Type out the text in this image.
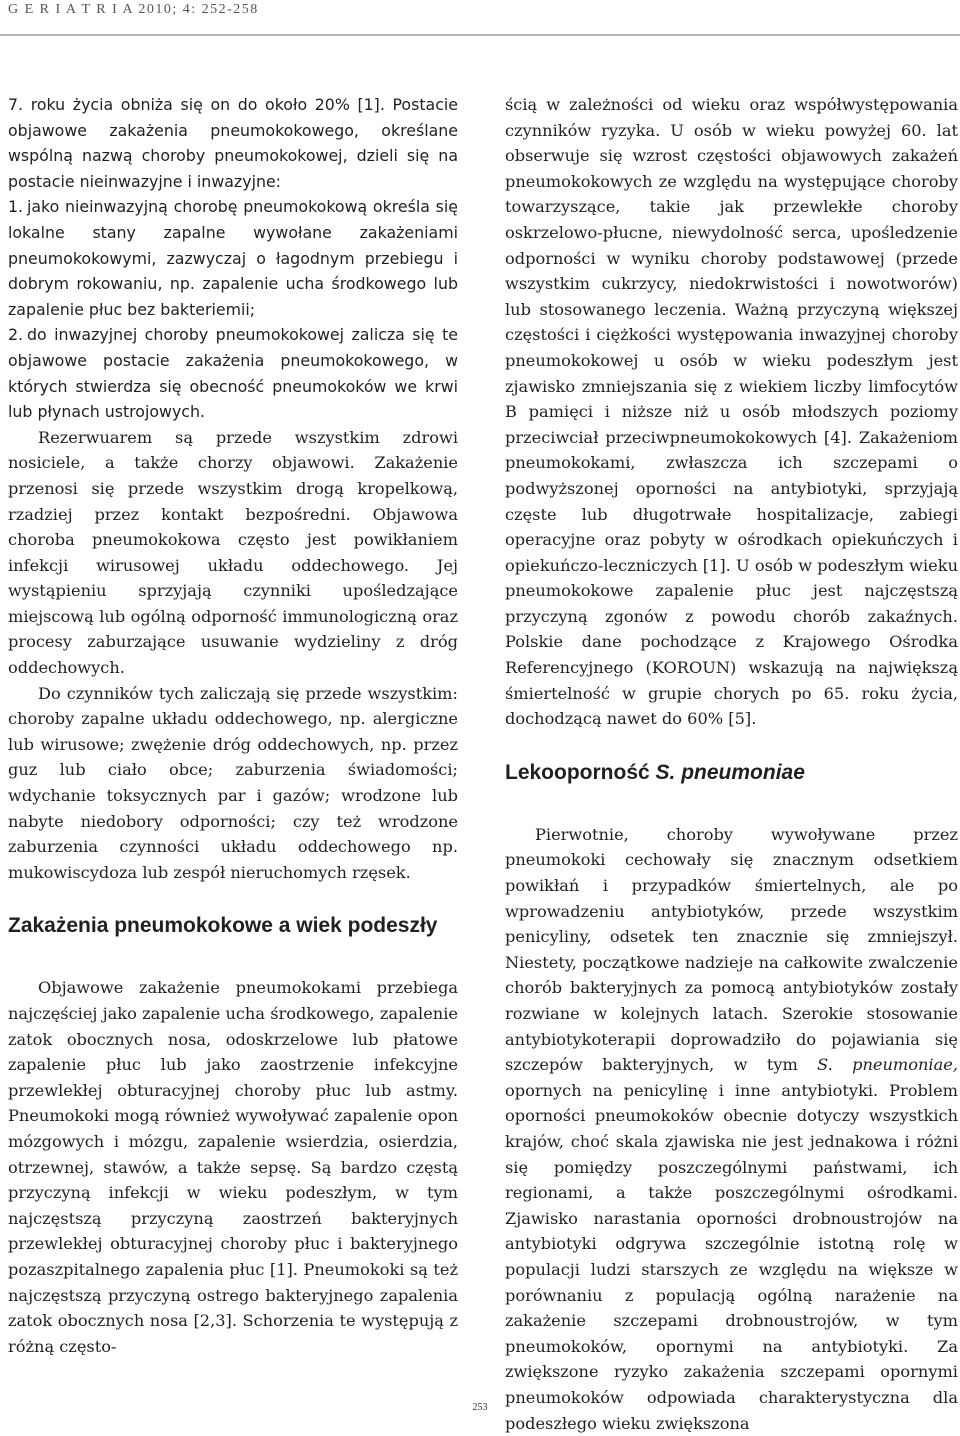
G E R I A T R I A 2010; 4: 252-258

7. roku życia obniża się on do około 20% [1]. Postacie objawowe zakażenia pneumokokowego, określane wspólną nazwą choroby pneumokokowej, dzieli się na postacie nieinwazyjne i inwazyjne:

1. jako nieinwazyjną chorobę pneumokokową określa się lokalne stany zapalne wywołane zakażeniami pneumokokowymi, zazwyczaj o łagodnym przebiegu i dobrym rokowaniu, np. zapalenie ucha środkowego lub zapalenie płuc bez bakteriemii;
2. do inwazyjnej choroby pneumokokowej zalicza się te objawowe postacie zakażenia pneumokokowego, w których stwierdza się obecność pneumokoków we krwi lub płynach ustrojowych.

Rezerwuarem są przede wszystkim zdrowi nosiciele, a także chorzy objawowi. Zakażenie przenosi się przede wszystkim drogą kropelkową, rzadziej przez kontakt bezpośredni. Objawowa choroba pneumokokowa często jest powikłaniem infekcji wirusowej układu oddechowego. Jej wystąpieniu sprzyjają czynniki upośledzające miejscową lub ogólną odporność immunologiczną oraz procesy zaburzające usuwanie wydzieliny z dróg oddechowych.

Do czynników tych zaliczają się przede wszystkim: choroby zapalne układu oddechowego, np. alergiczne lub wirusowe; zwężenie dróg oddechowych, np. przez guz lub ciało obce; zaburzenia świadomości; wdychanie toksycznych par i gazów; wrodzone lub nabyte niedobory odporności; czy też wrodzone zaburzenia czynności układu oddechowego np. mukowiscydoza lub zespół nieruchomych rzęsek.

Zakażenia pneumokokowe a wiek podeszły

Objawowe zakażenie pneumokokami przebiega najczęściej jako zapalenie ucha środkowego, zapalenie zatok obocznych nosa, odoskrzelowe lub płatowe zapalenie płuc lub jako zaostrzenie infekcyjne przewlekłej obturacyjnej choroby płuc lub astmy. Pneumokoki mogą również wywoływać zapalenie opon mózgowych i mózgu, zapalenie wsierdzia, osierdzia, otrzewnej, stawów, a także sepsę. Są bardzo częstą przyczyną infekcji w wieku podeszłym, w tym najczęstszą przyczyną zaostrzeń bakteryjnych przewlekłej obturacyjnej choroby płuc i bakteryjnego pozaszpitalnego zapalenia płuc [1]. Pneumokoki są też najczęstszą przyczyną ostrego bakteryjnego zapalenia zatok obocznych nosa [2,3]. Schorzenia te występują z różną często-

ścią w zależności od wieku oraz współwystępowania czynników ryzyka. U osób w wieku powyżej 60. lat obserwuje się wzrost częstości objawowych zakażeń pneumokokowych ze względu na występujące choroby towarzyszące, takie jak przewlekłe choroby oskrzelowo-płucne, niewydolność serca, upośledzenie odporności w wyniku choroby podstawowej (przede wszystkim cukrzycy, niedokrwistości i nowotworów) lub stosowanego leczenia. Ważną przyczyną większej częstości i ciężkości występowania inwazyjnej choroby pneumokokowej u osób w wieku podeszłym jest zjawisko zmniejszania się z wiekiem liczby limfocytów B pamięci i niższe niż u osób młodszych poziomy przeciwciał przeciwpneumokokowych [4]. Zakażeniom pneumokokami, zwłaszcza ich szczepami o podwyższonej oporności na antybiotyki, sprzyjają częste lub długotrwałe hospitalizacje, zabiegi operacyjne oraz pobyty w ośrodkach opiekuńczych i opiekuńczo-leczniczych [1]. U osób w podeszłym wieku pneumokokowe zapalenie płuc jest najczęstszą przyczyną zgonów z powodu chorób zakaźnych. Polskie dane pochodzące z Krajowego Ośrodka Referencyjnego (KOROUN) wskazują na największą śmiertelność w grupie chorych po 65. roku życia, dochodzącą nawet do 60% [5].

Lekooporność S. pneumoniae

Pierwotnie, choroby wywoływane przez pneumokoki cechowały się znacznym odsetkiem powikłań i przypadków śmiertelnych, ale po wprowadzeniu antybiotyków, przede wszystkim penicyliny, odsetek ten znacznie się zmniejszył. Niestety, początkowe nadzieje na całkowite zwalczenie chorób bakteryjnych za pomocą antybiotyków zostały rozwiane w kolejnych latach. Szerokie stosowanie antybiotykoterapii doprowadziło do pojawiania się szczepów bakteryjnych, w tym S. pneumoniae, opornych na penicylinę i inne antybiotyki. Problem oporności pneumokoków obecnie dotyczy wszystkich krajów, choć skala zjawiska nie jest jednakowa i różni się pomiędzy poszczególnymi państwami, ich regionami, a także poszczególnymi ośrodkami. Zjawisko narastania oporności drobnoustrojów na antybiotyki odgrywa szczególnie istotną rolę w populacji ludzi starszych ze względu na większe w porównaniu z populacją ogólną narażenie na zakażenie szczepami drobnoustrojów, w tym pneumokoków, opornymi na antybiotyki. Za zwiększone ryzyko zakażenia szczepami opornymi pneumokoków odpowiada charakterystyczna dla podeszłego wieku zwiększona

253
